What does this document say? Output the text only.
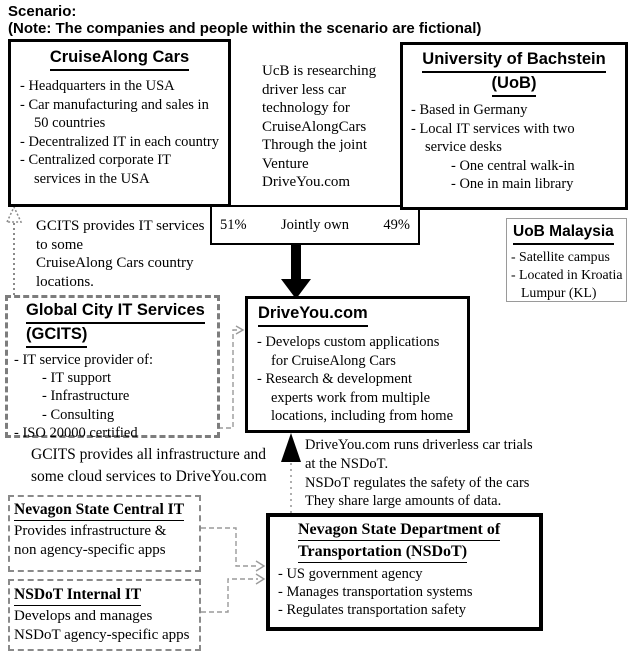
Scenario:
(Note: The companies and people within the scenario are fictional)
51% Jointly own 49%
CruiseAlong Cars
- Headquarters in the USA
- Car manufacturing and sales in
50 countries
- Decentralized IT in each country
- Centralized corporate IT
services in the USA
University of Bachstein
(UoB)
- Based in Germany
- Local IT services with two
service desks
- One central walk-in
- One in main library
UcB is researching
driver less car
technology for
CruiseAlongCars
Through the joint
Venture
DriveYou.com
UoB Malaysia
- Satellite campus
- Located in Kroatia
Lumpur (KL)
GCITS provides IT services
to some
CruiseAlong Cars country
locations.
Global City IT Services
(GCITS)
- IT service provider of:
- IT support
- Infrastructure
- Consulting
- ISO 20000 certified
DriveYou.com
- Develops custom applications
for CruiseAlong Cars
- Research & development
experts work from multiple
locations, including from home
GCITS provides all infrastructure and
some cloud services to DriveYou.com
DriveYou.com runs driverless car trials
at the NSDoT.
NSDoT regulates the safety of the cars
They share large amounts of data.
Nevagon State Central IT
Provides infrastructure &
non agency-specific apps
NSDoT Internal IT
Develops and manages
NSDoT agency-specific apps
Nevagon State Department of
Transportation (NSDoT)
- US government agency
- Manages transportation systems
- Regulates transportation safety
